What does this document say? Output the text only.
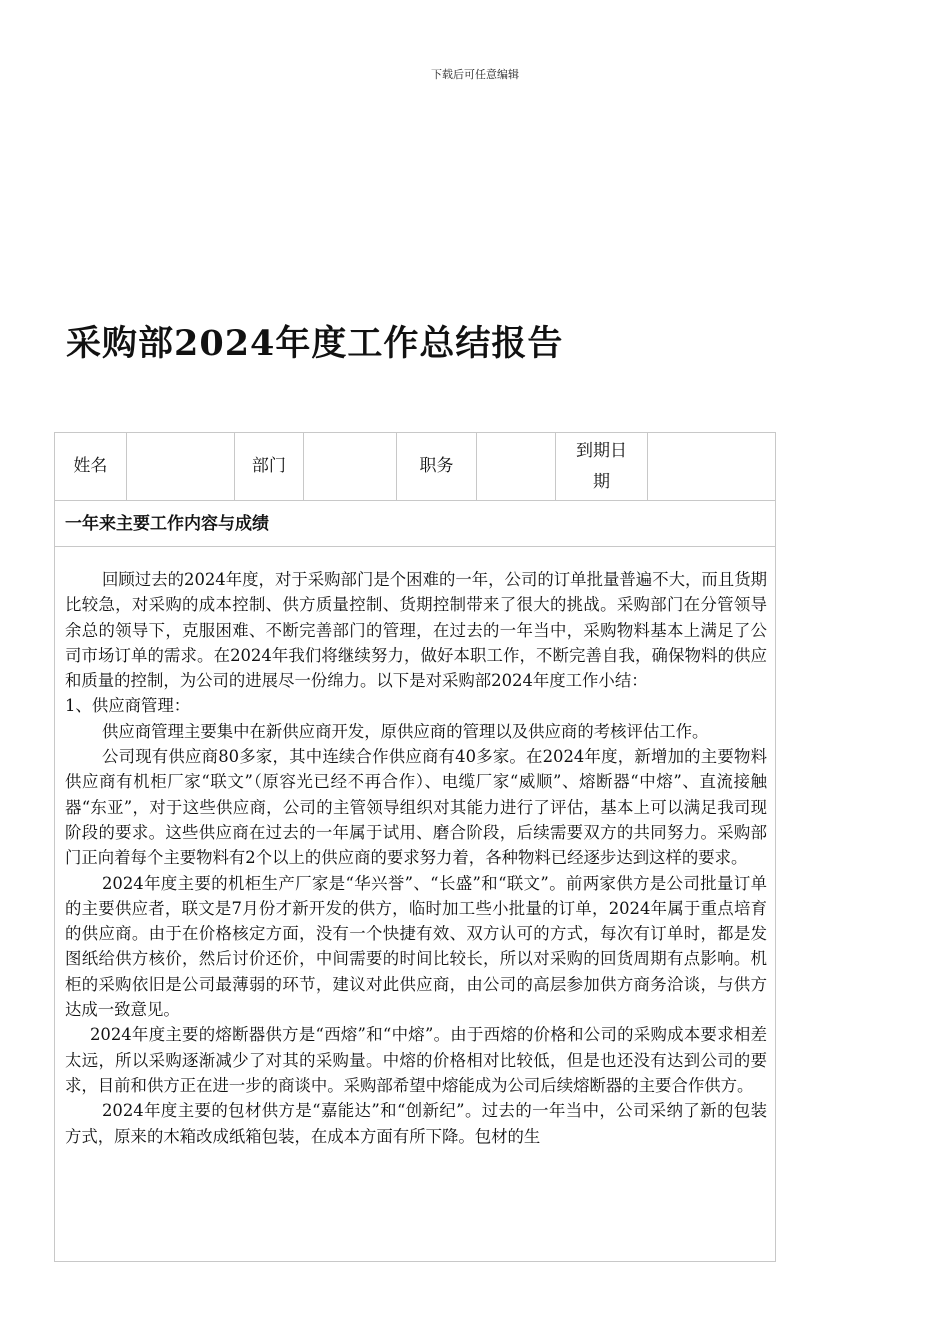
下载后可任意编辑
采购部2024年度工作总结报告
姓名	部门	职务
到期日期
一年来主要工作内容与成绩

回顾过去的2024年度，对于采购部门是个困难的一年，公司的订单批量普遍不大，而且货期比较急，对采购的成本控制、供方质量控制、货期控制带来了很大的挑战。采购部门在分管领导余总的领导下，克服困难、不断完善部门的管理，在过去的一年当中，采购物料基本上满足了公司市场订单的需求。在2024年我们将继续努力，做好本职工作，不断完善自我，确保物料的供应和质量的控制，为公司的进展尽一份绵力。以下是对采购部2024年度工作小结：

1、供应商管理：

供应商管理主要集中在新供应商开发，原供应商的管理以及供应商的考核评估工作。

公司现有供应商80多家，其中连续合作供应商有40多家。在2024年度，新增加的主要物料供应商有机柜厂家“联文”（原容光已经不再合作）、电缆厂家“威顺”、熔断器“中熔”、直流接触器“东亚”，对于这些供应商，公司的主管领导组织对其能力进行了评估，基本上可以满足我司现阶段的要求。这些供应商在过去的一年属于试用、磨合阶段，后续需要双方的共同努力。采购部门正向着每个主要物料有2个以上的供应商的要求努力着，各种物料已经逐步达到这样的要求。

2024年度主要的机柜生产厂家是“华兴誉”、“长盛”和“联文”。前两家供方是公司批量订单的主要供应者，联文是7月份才新开发的供方，临时加工些小批量的订单，2024年属于重点培育的供应商。由于在价格核定方面，没有一个快捷有效、双方认可的方式，每次有订单时，都是发图纸给供方核价，然后讨价还价，中间需要的时间比较长，所以对采购的回货周期有点影响。机柜的采购依旧是公司最薄弱的环节，建议对此供应商，由公司的高层参加供方商务洽谈，与供方达成一致意见。

2024年度主要的熔断器供方是“西熔”和“中熔”。由于西熔的价格和公司的采购成本要求相差太远，所以采购逐渐减少了对其的采购量。中熔的价格相对比较低，但是也还没有达到公司的要求，目前和供方正在进一步的商谈中。采购部希望中熔能成为公司后续熔断器的主要合作供方。

2024年度主要的包材供方是“嘉能达”和“创新纪”。过去的一年当中，公司采纳了新的包装方式，原来的木箱改成纸箱包装，在成本方面有所下降。包材的生
